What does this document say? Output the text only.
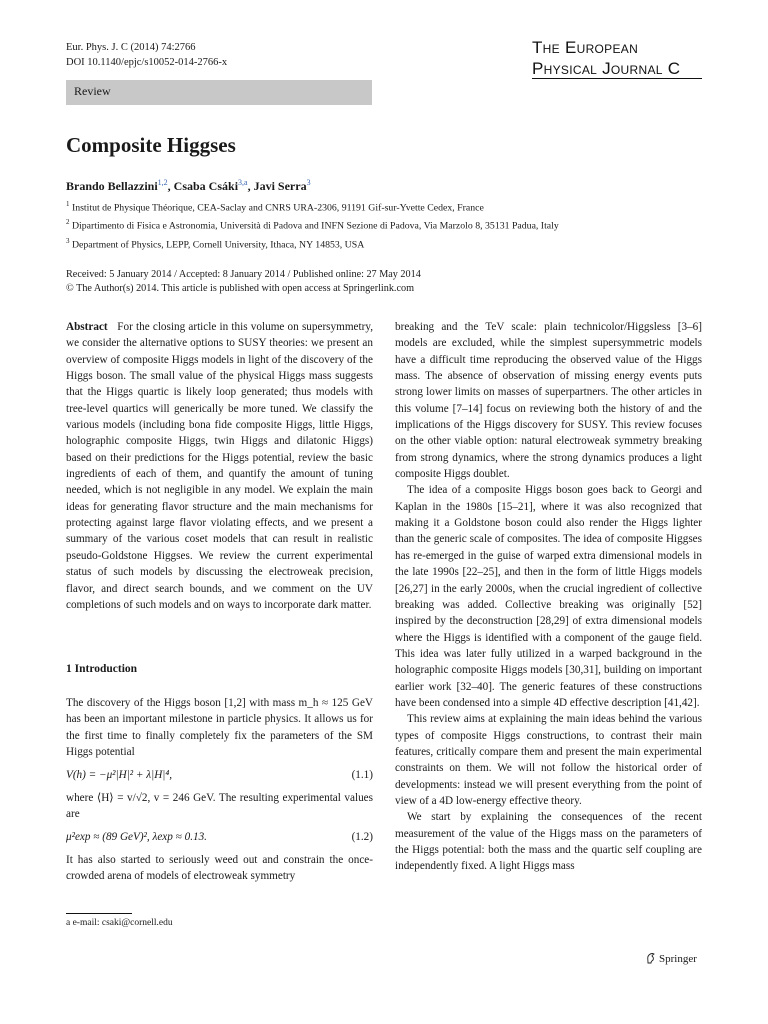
Eur. Phys. J. C (2014) 74:2766
DOI 10.1140/epjc/s10052-014-2766-x
The European
Physical Journal C
Review
Composite Higgses
Brando Bellazzini$^{1,2}$, Csaba Csáki$^{3,a}$, Javi Serra$^3$
$^1$ Institut de Physique Théorique, CEA-Saclay and CNRS URA-2306, 91191 Gif-sur-Yvette Cedex, France
$^2$ Dipartimento di Fisica e Astronomia, Università di Padova and INFN Sezione di Padova, Via Marzolo 8, 35131 Padua, Italy
$^3$ Department of Physics, LEPP, Cornell University, Ithaca, NY 14853, USA
Received: 5 January 2014 / Accepted: 8 January 2014 / Published online: 27 May 2014
© The Author(s) 2014. This article is published with open access at Springerlink.com

Abstract For the closing article in this volume on supersymmetry, we consider the alternative options to SUSY theories: we present an overview of composite Higgs models in light of the discovery of the Higgs boson. The small value of the physical Higgs mass suggests that the Higgs quartic is likely loop generated; thus models with tree-level quartics will generically be more tuned. We classify the various models (including bona fide composite Higgs, little Higgs, holographic composite Higgs, twin Higgs and dilatonic Higgs) based on their predictions for the Higgs potential, review the basic ingredients of each of them, and quantify the amount of tuning needed, which is not negligible in any model. We explain the main ideas for generating flavor structure and the main mechanisms for protecting against large flavor violating effects, and we present a summary of the various coset models that can result in realistic pseudo-Goldstone Higgses. We review the current experimental status of such models by discussing the electroweak precision, flavor, and direct search bounds, and we comment on the UV completions of such models and on ways to incorporate dark matter.

1 Introduction

The discovery of the Higgs boson [1,2] with mass m_h ≈ 125 GeV has been an important milestone in particle physics. It allows us for the first time to finally completely fix the parameters of the SM Higgs potential

V(h) = −μ²|H|² + λ|H|⁴,	(1.1)

where ⟨H⟩ = v/√2, v = 246 GeV. The resulting experimental values are

μ²exp ≈ (89 GeV)², λexp ≈ 0.13.	(1.2)

It has also started to seriously weed out and constrain the once-crowded arena of models of electroweak symmetry

breaking and the TeV scale: plain technicolor/Higgsless [3–6] models are excluded, while the simplest supersymmetric models have a difficult time reproducing the observed value of the Higgs mass. The absence of observation of missing energy events puts strong lower limits on masses of superpartners. The other articles in this volume [7–14] focus on reviewing both the history of and the implications of the Higgs discovery for SUSY. This review focuses on the other viable option: natural electroweak symmetry breaking from strong dynamics, where the strong dynamics produces a light composite Higgs doublet.

The idea of a composite Higgs boson goes back to Georgi and Kaplan in the 1980s [15–21], where it was also recognized that making it a Goldstone boson could also render the Higgs lighter than the generic scale of composites. The idea of composite Higgses has re-emerged in the guise of warped extra dimensional models in the late 1990s [22–25], and then in the form of little Higgs models [26,27] in the early 2000s, when the crucial ingredient of collective breaking was added. Collective breaking was originally [52] inspired by the deconstruction [28,29] of extra dimensional models where the Higgs is identified with a component of the gauge field. This idea was later fully utilized in a warped background in the holographic composite Higgs models [30,31], building on important earlier work [32–40]. The generic features of these constructions have been condensed into a simple 4D effective description [41,42].

This review aims at explaining the main ideas behind the various types of composite Higgs constructions, to contrast their main features, critically compare them and present the main experimental constraints on them. We will not follow the historical order of developments: instead we will present everything from the point of view of a 4D low-energy effective theory.

We start by explaining the consequences of the recent measurement of the value of the Higgs mass on the parameters of the Higgs potential: both the mass and the quartic self coupling are independently fixed. A light Higgs mass

a e-mail: csaki@cornell.edu
Springer
